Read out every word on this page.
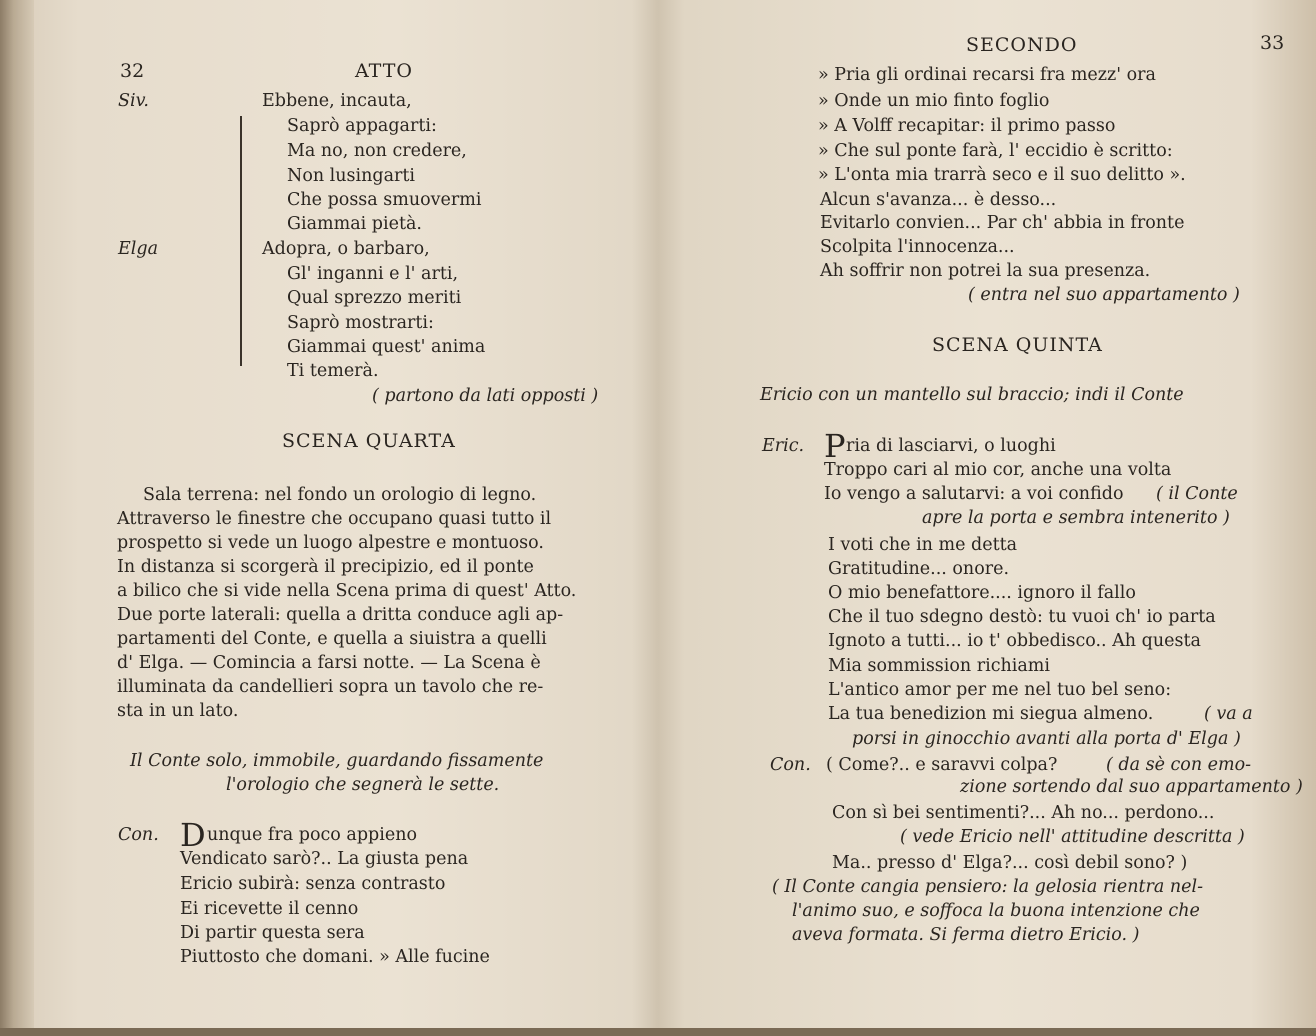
32	ATTO
Siv.	Ebbene, incauta,
Saprò appagarti:
Ma no, non credere,
Non lusingarti
Che possa smuovermi
Giammai pietà.
Elga	Adopra, o barbaro,
Gl' inganni e l' arti,
Qual sprezzo meriti
Saprò mostrarti:
Giammai quest' anima
Ti temerà.
( partono da lati opposti )
SCENA QUARTA
Sala terrena: nel fondo un orologio di legno.
Attraverso le finestre che occupano quasi tutto il
prospetto si vede un luogo alpestre e montuoso.
In distanza si scorgerà il precipizio, ed il ponte
a bilico che si vide nella Scena prima di quest' Atto.
Due porte laterali: quella a dritta conduce agli ap-
partamenti del Conte, e quella a siuistra a quelli
d' Elga. — Comincia a farsi notte. — La Scena è
illuminata da candellieri sopra un tavolo che re-
sta in un lato.
Il Conte solo, immobile, guardando fissamente
l'orologio che segnerà le sette.
Con. D unque fra poco appieno
Vendicato sarò?.. La giusta pena
Ericio subirà: senza contrasto
Ei ricevette il cenno
Di partir questa sera
Piuttosto che domani. » Alle fucine
SECONDO	33
» Pria gli ordinai recarsi fra mezz' ora
» Onde un mio finto foglio
» A Volff recapitar: il primo passo
» Che sul ponte farà, l' eccidio è scritto:
» L'onta mia trarrà seco e il suo delitto ».
Alcun s'avanza... è desso...
Evitarlo convien... Par ch' abbia in fronte
Scolpita l'innocenza...
Ah soffrir non potrei la sua presenza.
( entra nel suo appartamento )
SCENA QUINTA
Ericio con un mantello sul braccio; indi il Conte
Eric. P ria di lasciarvi, o luoghi
Troppo cari al mio cor, anche una volta
Io vengo a salutarvi: a voi confido ( il Conte
apre la porta e sembra intenerito )
I voti che in me detta
Gratitudine... onore.
O mio benefattore.... ignoro il fallo
Che il tuo sdegno destò: tu vuoi ch' io parta
Ignoto a tutti... io t' obbedisco.. Ah questa
Mia sommission richiami
L'antico amor per me nel tuo bel seno:
La tua benedizion mi siegua almeno.	( va a
porsi in ginocchio avanti alla porta d' Elga )
Con. ( Come?.. e saravvi colpa?	( da sè con emo-
zione sortendo dal suo appartamento )
Con sì bei sentimenti?... Ah no... perdono...
( vede Ericio nell' attitudine descritta )
Ma.. presso d' Elga?... così debil sono? )
( Il Conte cangia pensiero: la gelosia rientra nel-
l'animo suo, e soffoca la buona intenzione che
aveva formata. Si ferma dietro Ericio. )
